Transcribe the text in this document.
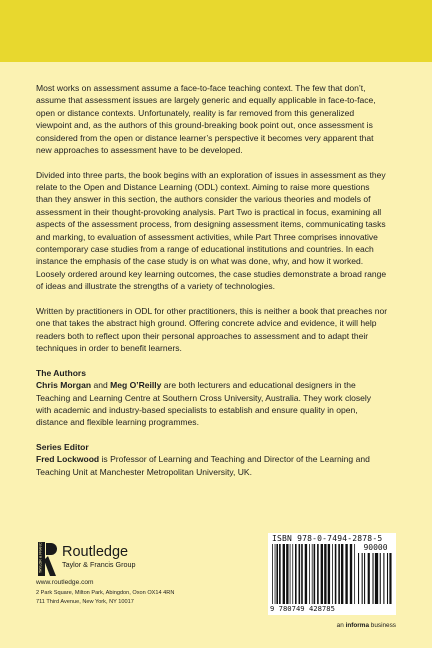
Most works on assessment assume a face-to-face teaching context. The few that don’t, assume that assessment issues are largely generic and equally applicable in face-to-face, open or distance contexts. Unfortunately, reality is far removed from this generalized viewpoint and, as the authors of this ground-breaking book point out, once assessment is considered from the open or distance learner’s perspective it becomes very apparent that new approaches to assessment have to be developed.

Divided into three parts, the book begins with an exploration of issues in assessment as they relate to the Open and Distance Learning (ODL) context. Aiming to raise more questions than they answer in this section, the authors consider the various theories and models of assessment in their thought-provoking analysis. Part Two is practical in focus, examining all aspects of the assessment process, from designing assessment items, communicating tasks and marking, to evaluation of assessment activities, while Part Three comprises innovative contemporary case studies from a range of educational institutions and countries. In each instance the emphasis of the case study is on what was done, why, and how it worked. Loosely ordered around key learning outcomes, the case studies demonstrate a broad range of ideas and illustrate the strengths of a variety of technologies.

Written by practitioners in ODL for other practitioners, this is neither a book that preaches nor one that takes the abstract high ground. Offering concrete advice and evidence, it will help readers both to reflect upon their personal approaches to assessment and to adapt their techniques in order to benefit learners.

The Authors

Chris Morgan and Meg O’Reilly are both lecturers and educational designers in the Teaching and Learning Centre at Southern Cross University, Australia. They work closely with academic and industry-based specialists to establish and ensure quality in open, distance and flexible learning programmes.

Series Editor

Fred Lockwood is Professor of Learning and Teaching and Director of the Learning and Teaching Unit at Manchester Metropolitan University, UK.

TAYLOR & FRANCIS Routledge
Taylor & Francis Group
www.routledge.com
2 Park Square, Milton Park, Abingdon, Oxon OX14 4RN
711 Third Avenue, New York, NY 10017
ISBN 978-0-7494-2878-5
90000
9 780749 428785
an informa business
